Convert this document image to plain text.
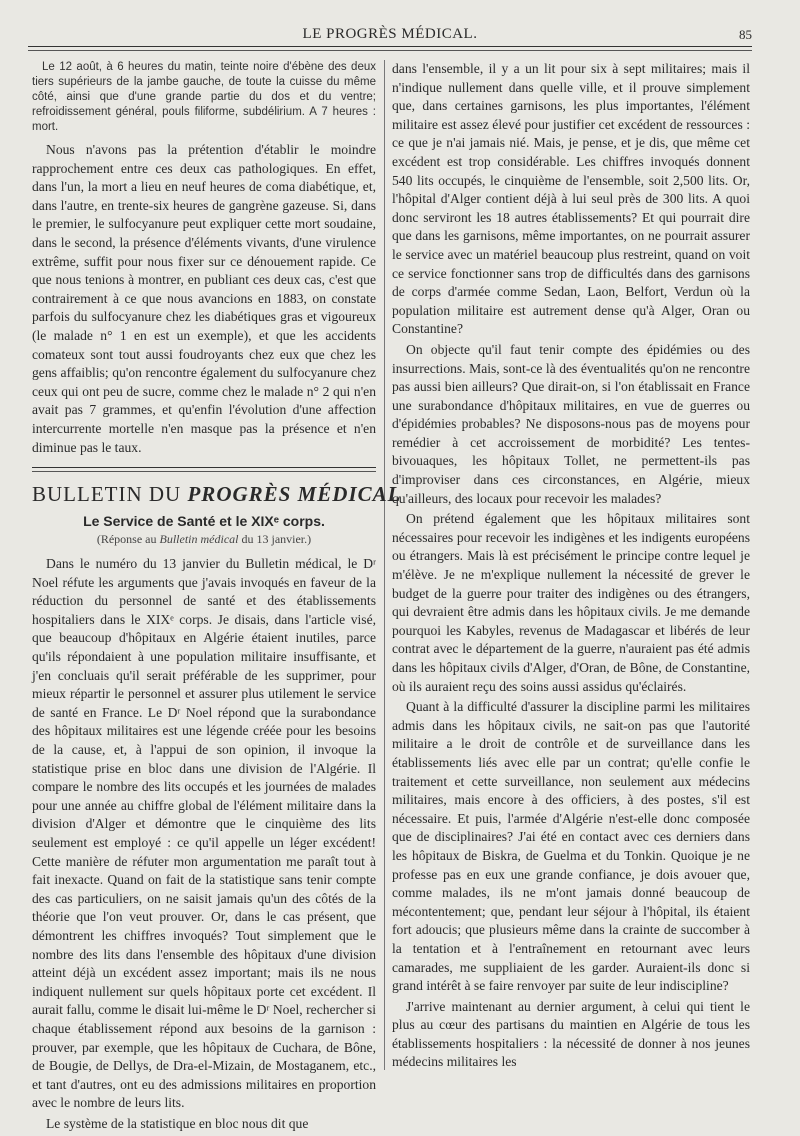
LE PROGRÈS MÉDICAL.	85

Le 12 août, à 6 heures du matin, teinte noire d'ébène des deux tiers supérieurs de la jambe gauche, de toute la cuisse du même côté, ainsi que d'une grande partie du dos et du ventre; refroidissement général, pouls filiforme, subdélirium. A 7 heures : mort.

Nous n'avons pas la prétention d'établir le moindre rapprochement entre ces deux cas pathologiques. En effet, dans l'un, la mort a lieu en neuf heures de coma diabétique, et, dans l'autre, en trente-six heures de gangrène gazeuse. Si, dans le premier, le sulfocyanure peut expliquer cette mort soudaine, dans le second, la présence d'éléments vivants, d'une virulence extrême, suffit pour nous fixer sur ce dénouement rapide. Ce que nous tenions à montrer, en publiant ces deux cas, c'est que contrairement à ce que nous avancions en 1883, on constate parfois du sulfocyanure chez les diabétiques gras et vigoureux (le malade n° 1 en est un exemple), et que les accidents comateux sont tout aussi foudroyants chez eux que chez les gens affaiblis; qu'on rencontre également du sulfocyanure chez ceux qui ont peu de sucre, comme chez le malade n° 2 qui n'en avait pas 7 grammes, et qu'enfin l'évolution d'une affection intercurrente mortelle n'en masque pas la présence et n'en diminue pas le taux.

BULLETIN DU PROGRÈS MÉDICAL
Le Service de Santé et le XIXᵉ corps.
(Réponse au Bulletin médical du 13 janvier.)

Dans le numéro du 13 janvier du Bulletin médical, le Dʳ Noel réfute les arguments que j'avais invoqués en faveur de la réduction du personnel de santé et des établissements hospitaliers dans le XIXᵉ corps. Je disais, dans l'article visé, que beaucoup d'hôpitaux en Algérie étaient inutiles, parce qu'ils répondaient à une population militaire insuffisante, et j'en concluais qu'il serait préférable de les supprimer, pour mieux répartir le personnel et assurer plus utilement le service de santé en France. Le Dʳ Noel répond que la surabondance des hôpitaux militaires est une légende créée pour les besoins de la cause, et, à l'appui de son opinion, il invoque la statistique prise en bloc dans une division de l'Algérie. Il compare le nombre des lits occupés et les journées de malades pour une année au chiffre global de l'élément militaire dans la division d'Alger et démontre que le cinquième des lits seulement est employé : ce qu'il appelle un léger excédent! Cette manière de réfuter mon argumentation me paraît tout à fait inexacte. Quand on fait de la statistique sans tenir compte des cas particuliers, on ne saisit jamais qu'un des côtés de la théorie que l'on veut prouver. Or, dans le cas présent, que démontrent les chiffres invoqués? Tout simplement que le nombre des lits dans l'ensemble des hôpitaux d'une division atteint déjà un excédent assez important; mais ils ne nous indiquent nullement sur quels hôpitaux porte cet excédent. Il aurait fallu, comme le disait lui-même le Dʳ Noel, rechercher si chaque établissement répond aux besoins de la garnison : prouver, par exemple, que les hôpitaux de Cuchara, de Bône, de Bougie, de Dellys, de Dra-el-Mizain, de Mostaganem, etc., et tant d'autres, ont eu des admissions militaires en proportion avec le nombre de leurs lits.

Le système de la statistique en bloc nous dit que

dans l'ensemble, il y a un lit pour six à sept militaires; mais il n'indique nullement dans quelle ville, et il prouve simplement que, dans certaines garnisons, les plus importantes, l'élément militaire est assez élevé pour justifier cet excédent de ressources : ce que je n'ai jamais nié. Mais, je pense, et je dis, que même cet excédent est trop considérable. Les chiffres invoqués donnent 540 lits occupés, le cinquième de l'ensemble, soit 2,500 lits. Or, l'hôpital d'Alger contient déjà à lui seul près de 300 lits. A quoi donc serviront les 18 autres établissements? Et qui pourrait dire que dans les garnisons, même importantes, on ne pourrait assurer le service avec un matériel beaucoup plus restreint, quand on voit ce service fonctionner sans trop de difficultés dans des garnisons de corps d'armée comme Sedan, Laon, Belfort, Verdun où la population militaire est autrement dense qu'à Alger, Oran ou Constantine?

On objecte qu'il faut tenir compte des épidémies ou des insurrections. Mais, sont-ce là des éventualités qu'on ne rencontre pas aussi bien ailleurs? Que dirait-on, si l'on établissait en France une surabondance d'hôpitaux militaires, en vue de guerres ou d'épidémies probables? Ne disposons-nous pas de moyens pour remédier à cet accroissement de morbidité? Les tentes-bivouaques, les hôpitaux Tollet, ne permettent-ils pas d'improviser dans ces circonstances, en Algérie, mieux qu'ailleurs, des locaux pour recevoir les malades?

On prétend également que les hôpitaux militaires sont nécessaires pour recevoir les indigènes et les indigents européens ou étrangers. Mais là est précisément le principe contre lequel je m'élève. Je ne m'explique nullement la nécessité de grever le budget de la guerre pour traiter des indigènes ou des étrangers, qui devraient être admis dans les hôpitaux civils. Je me demande pourquoi les Kabyles, revenus de Madagascar et libérés de leur contrat avec le département de la guerre, n'auraient pas été admis dans les hôpitaux civils d'Alger, d'Oran, de Bône, de Constantine, où ils auraient reçu des soins aussi assidus qu'éclairés.

Quant à la difficulté d'assurer la discipline parmi les militaires admis dans les hôpitaux civils, ne sait-on pas que l'autorité militaire a le droit de contrôle et de surveillance dans les établissements liés avec elle par un contrat; qu'elle confie le traitement et cette surveillance, non seulement aux médecins militaires, mais encore à des officiers, à des postes, s'il est nécessaire. Et puis, l'armée d'Algérie n'est-elle donc composée que de disciplinaires? J'ai été en contact avec ces derniers dans les hôpitaux de Biskra, de Guelma et du Tonkin. Quoique je ne professe pas en eux une grande confiance, je dois avouer que, comme malades, ils ne m'ont jamais donné beaucoup de mécontentement; que, pendant leur séjour à l'hôpital, ils étaient fort adoucis; que plusieurs même dans la crainte de succomber à la tentation et à l'entraînement en retournant avec leurs camarades, me suppliaient de les garder. Auraient-ils donc si grand intérêt à se faire renvoyer par suite de leur indiscipline?

J'arrive maintenant au dernier argument, à celui qui tient le plus au cœur des partisans du maintien en Algérie de tous les établissements hospitaliers : la nécessité de donner à nos jeunes médecins militaires les
